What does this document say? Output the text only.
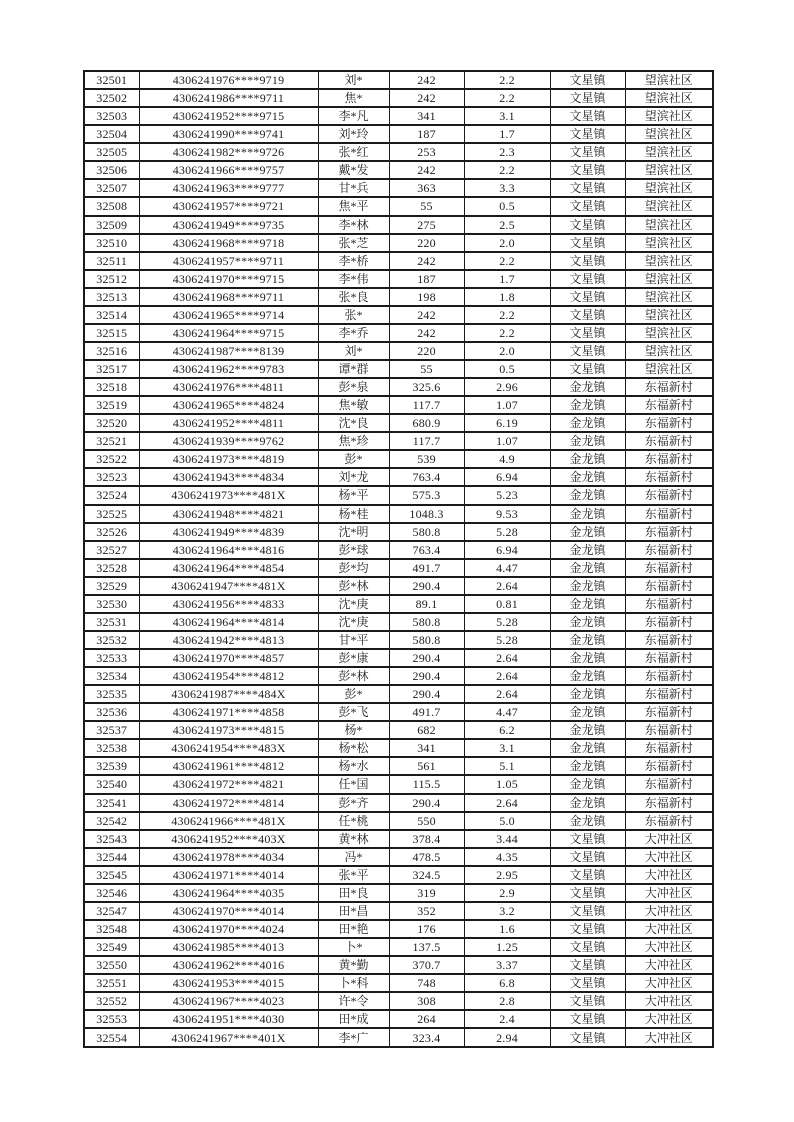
32501	4306241976****9719	刘*	242	2.2	文星镇	望滨社区
32502	4306241986****9711	焦*	242	2.2	文星镇	望滨社区
32503	4306241952****9715	李*凡	341	3.1	文星镇	望滨社区
32504	4306241990****9741	刘*玲	187	1.7	文星镇	望滨社区
32505	4306241982****9726	张*红	253	2.3	文星镇	望滨社区
32506	4306241966****9757	戴*发	242	2.2	文星镇	望滨社区
32507	4306241963****9777	甘*兵	363	3.3	文星镇	望滨社区
32508	4306241957****9721	焦*平	55	0.5	文星镇	望滨社区
32509	4306241949****9735	李*林	275	2.5	文星镇	望滨社区
32510	4306241968****9718	张*芝	220	2.0	文星镇	望滨社区
32511	4306241957****9711	李*桥	242	2.2	文星镇	望滨社区
32512	4306241970****9715	李*伟	187	1.7	文星镇	望滨社区
32513	4306241968****9711	张*良	198	1.8	文星镇	望滨社区
32514	4306241965****9714	张*	242	2.2	文星镇	望滨社区
32515	4306241964****9715	李*乔	242	2.2	文星镇	望滨社区
32516	4306241987****8139	刘*	220	2.0	文星镇	望滨社区
32517	4306241962****9783	谭*群	55	0.5	文星镇	望滨社区
32518	4306241976****4811	彭*泉	325.6	2.96	金龙镇	东福新村
32519	4306241965****4824	焦*敏	117.7	1.07	金龙镇	东福新村
32520	4306241952****4811	沈*良	680.9	6.19	金龙镇	东福新村
32521	4306241939****9762	焦*珍	117.7	1.07	金龙镇	东福新村
32522	4306241973****4819	彭*	539	4.9	金龙镇	东福新村
32523	4306241943****4834	刘*龙	763.4	6.94	金龙镇	东福新村
32524	4306241973****481X	杨*平	575.3	5.23	金龙镇	东福新村
32525	4306241948****4821	杨*桂	1048.3	9.53	金龙镇	东福新村
32526	4306241949****4839	沈*明	580.8	5.28	金龙镇	东福新村
32527	4306241964****4816	彭*球	763.4	6.94	金龙镇	东福新村
32528	4306241964****4854	彭*均	491.7	4.47	金龙镇	东福新村
32529	4306241947****481X	彭*林	290.4	2.64	金龙镇	东福新村
32530	4306241956****4833	沈*庚	89.1	0.81	金龙镇	东福新村
32531	4306241964****4814	沈*庚	580.8	5.28	金龙镇	东福新村
32532	4306241942****4813	甘*平	580.8	5.28	金龙镇	东福新村
32533	4306241970****4857	彭*康	290.4	2.64	金龙镇	东福新村
32534	4306241954****4812	彭*林	290.4	2.64	金龙镇	东福新村
32535	4306241987****484X	彭*	290.4	2.64	金龙镇	东福新村
32536	4306241971****4858	彭*飞	491.7	4.47	金龙镇	东福新村
32537	4306241973****4815	杨*	682	6.2	金龙镇	东福新村
32538	4306241954****483X	杨*松	341	3.1	金龙镇	东福新村
32539	4306241961****4812	杨*水	561	5.1	金龙镇	东福新村
32540	4306241972****4821	任*国	115.5	1.05	金龙镇	东福新村
32541	4306241972****4814	彭*齐	290.4	2.64	金龙镇	东福新村
32542	4306241966****481X	任*桃	550	5.0	金龙镇	东福新村
32543	4306241952****403X	黄*林	378.4	3.44	文星镇	大冲社区
32544	4306241978****4034	冯*	478.5	4.35	文星镇	大冲社区
32545	4306241971****4014	张*平	324.5	2.95	文星镇	大冲社区
32546	4306241964****4035	田*良	319	2.9	文星镇	大冲社区
32547	4306241970****4014	田*昌	352	3.2	文星镇	大冲社区
32548	4306241970****4024	田*艳	176	1.6	文星镇	大冲社区
32549	4306241985****4013	卜*	137.5	1.25	文星镇	大冲社区
32550	4306241962****4016	黄*勤	370.7	3.37	文星镇	大冲社区
32551	4306241953****4015	卜*科	748	6.8	文星镇	大冲社区
32552	4306241967****4023	许*令	308	2.8	文星镇	大冲社区
32553	4306241951****4030	田*成	264	2.4	文星镇	大冲社区
32554	4306241967****401X	李*广	323.4	2.94	文星镇	大冲社区
